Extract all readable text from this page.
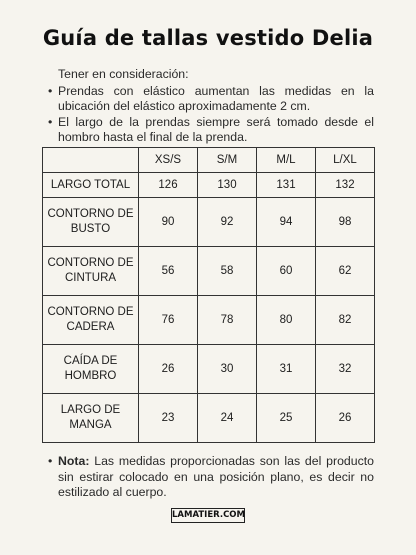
Guía de tallas vestido Delia
Tener en consideración:
• Prendas con elástico aumentan las medidas en la ubicación del elástico aproximadamente 2 cm.
• El largo de la prendas siempre será tomado desde el hombro hasta el final de la prenda.
	XS/S	S/M	M/L	L/XL
LARGO TOTAL	126	130	131	132
CONTORNO DE BUSTO	90	92	94	98
CONTORNO DE CINTURA	56	58	60	62
CONTORNO DE CADERA	76	78	80	82
CAÍDA DE HOMBRO	26	30	31	32
LARGO DE MANGA	23	24	25	26
• Nota: Las medidas proporcionadas son las del producto sin estirar colocado en una posición plano, es decir no estilizado al cuerpo.
LAMATIER.COM
